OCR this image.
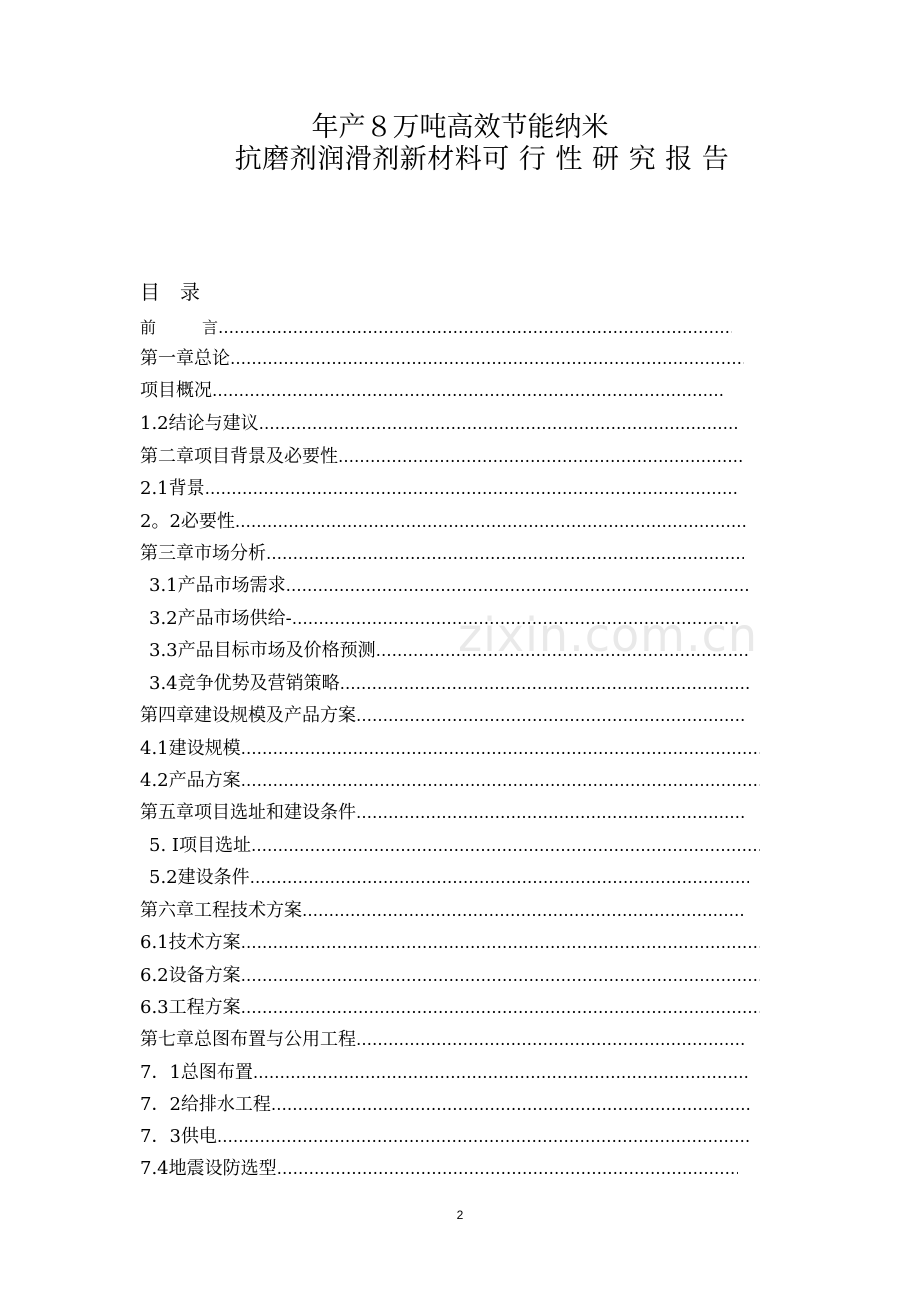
年产８万吨高效节能纳米
抗磨剂润滑剂新材料可 行 性 研 究 报 告
zixin.com.cn
目　录
前	言
……………………………………………………………………………………………………………………………………………………
第一章总论
……………………………………………………………………………………………………………………………………………………
项目概况
……………………………………………………………………………………………………………………………………………………
1.2结论与建议
……………………………………………………………………………………………………………………………………………………
第二章项目背景及必要性
……………………………………………………………………………………………………………………………………………………
2.1背景
……………………………………………………………………………………………………………………………………………………
2。2必要性
……………………………………………………………………………………………………………………………………………………
第三章市场分析
……………………………………………………………………………………………………………………………………………………
3.1产品市场需求
……………………………………………………………………………………………………………………………………………………
3.2产品市场供给-
……………………………………………………………………………………………………………………………………………………
3.3产品目标市场及价格预测
……………………………………………………………………………………………………………………………………………………
3.4竞争优势及营销策略
……………………………………………………………………………………………………………………………………………………
第四章建设规模及产品方案
……………………………………………………………………………………………………………………………………………………
4.1建设规模
……………………………………………………………………………………………………………………………………………………
4.2产品方案
……………………………………………………………………………………………………………………………………………………
第五章项目选址和建设条件
……………………………………………………………………………………………………………………………………………………
5. Ⅰ项目选址
……………………………………………………………………………………………………………………………………………………
5.2建设条件
……………………………………………………………………………………………………………………………………………………
第六章工程技术方案
……………………………………………………………………………………………………………………………………………………
6.1技术方案
……………………………………………………………………………………………………………………………………………………
6.2设备方案
……………………………………………………………………………………………………………………………………………………
6.3工程方案
……………………………………………………………………………………………………………………………………………………
第七章总图布置与公用工程
……………………………………………………………………………………………………………………………………………………
7．1总图布置
……………………………………………………………………………………………………………………………………………………
7．2给排水工程
……………………………………………………………………………………………………………………………………………………
7．3供电
……………………………………………………………………………………………………………………………………………………
7.4地震设防选型
……………………………………………………………………………………………………………………………………………………
2
